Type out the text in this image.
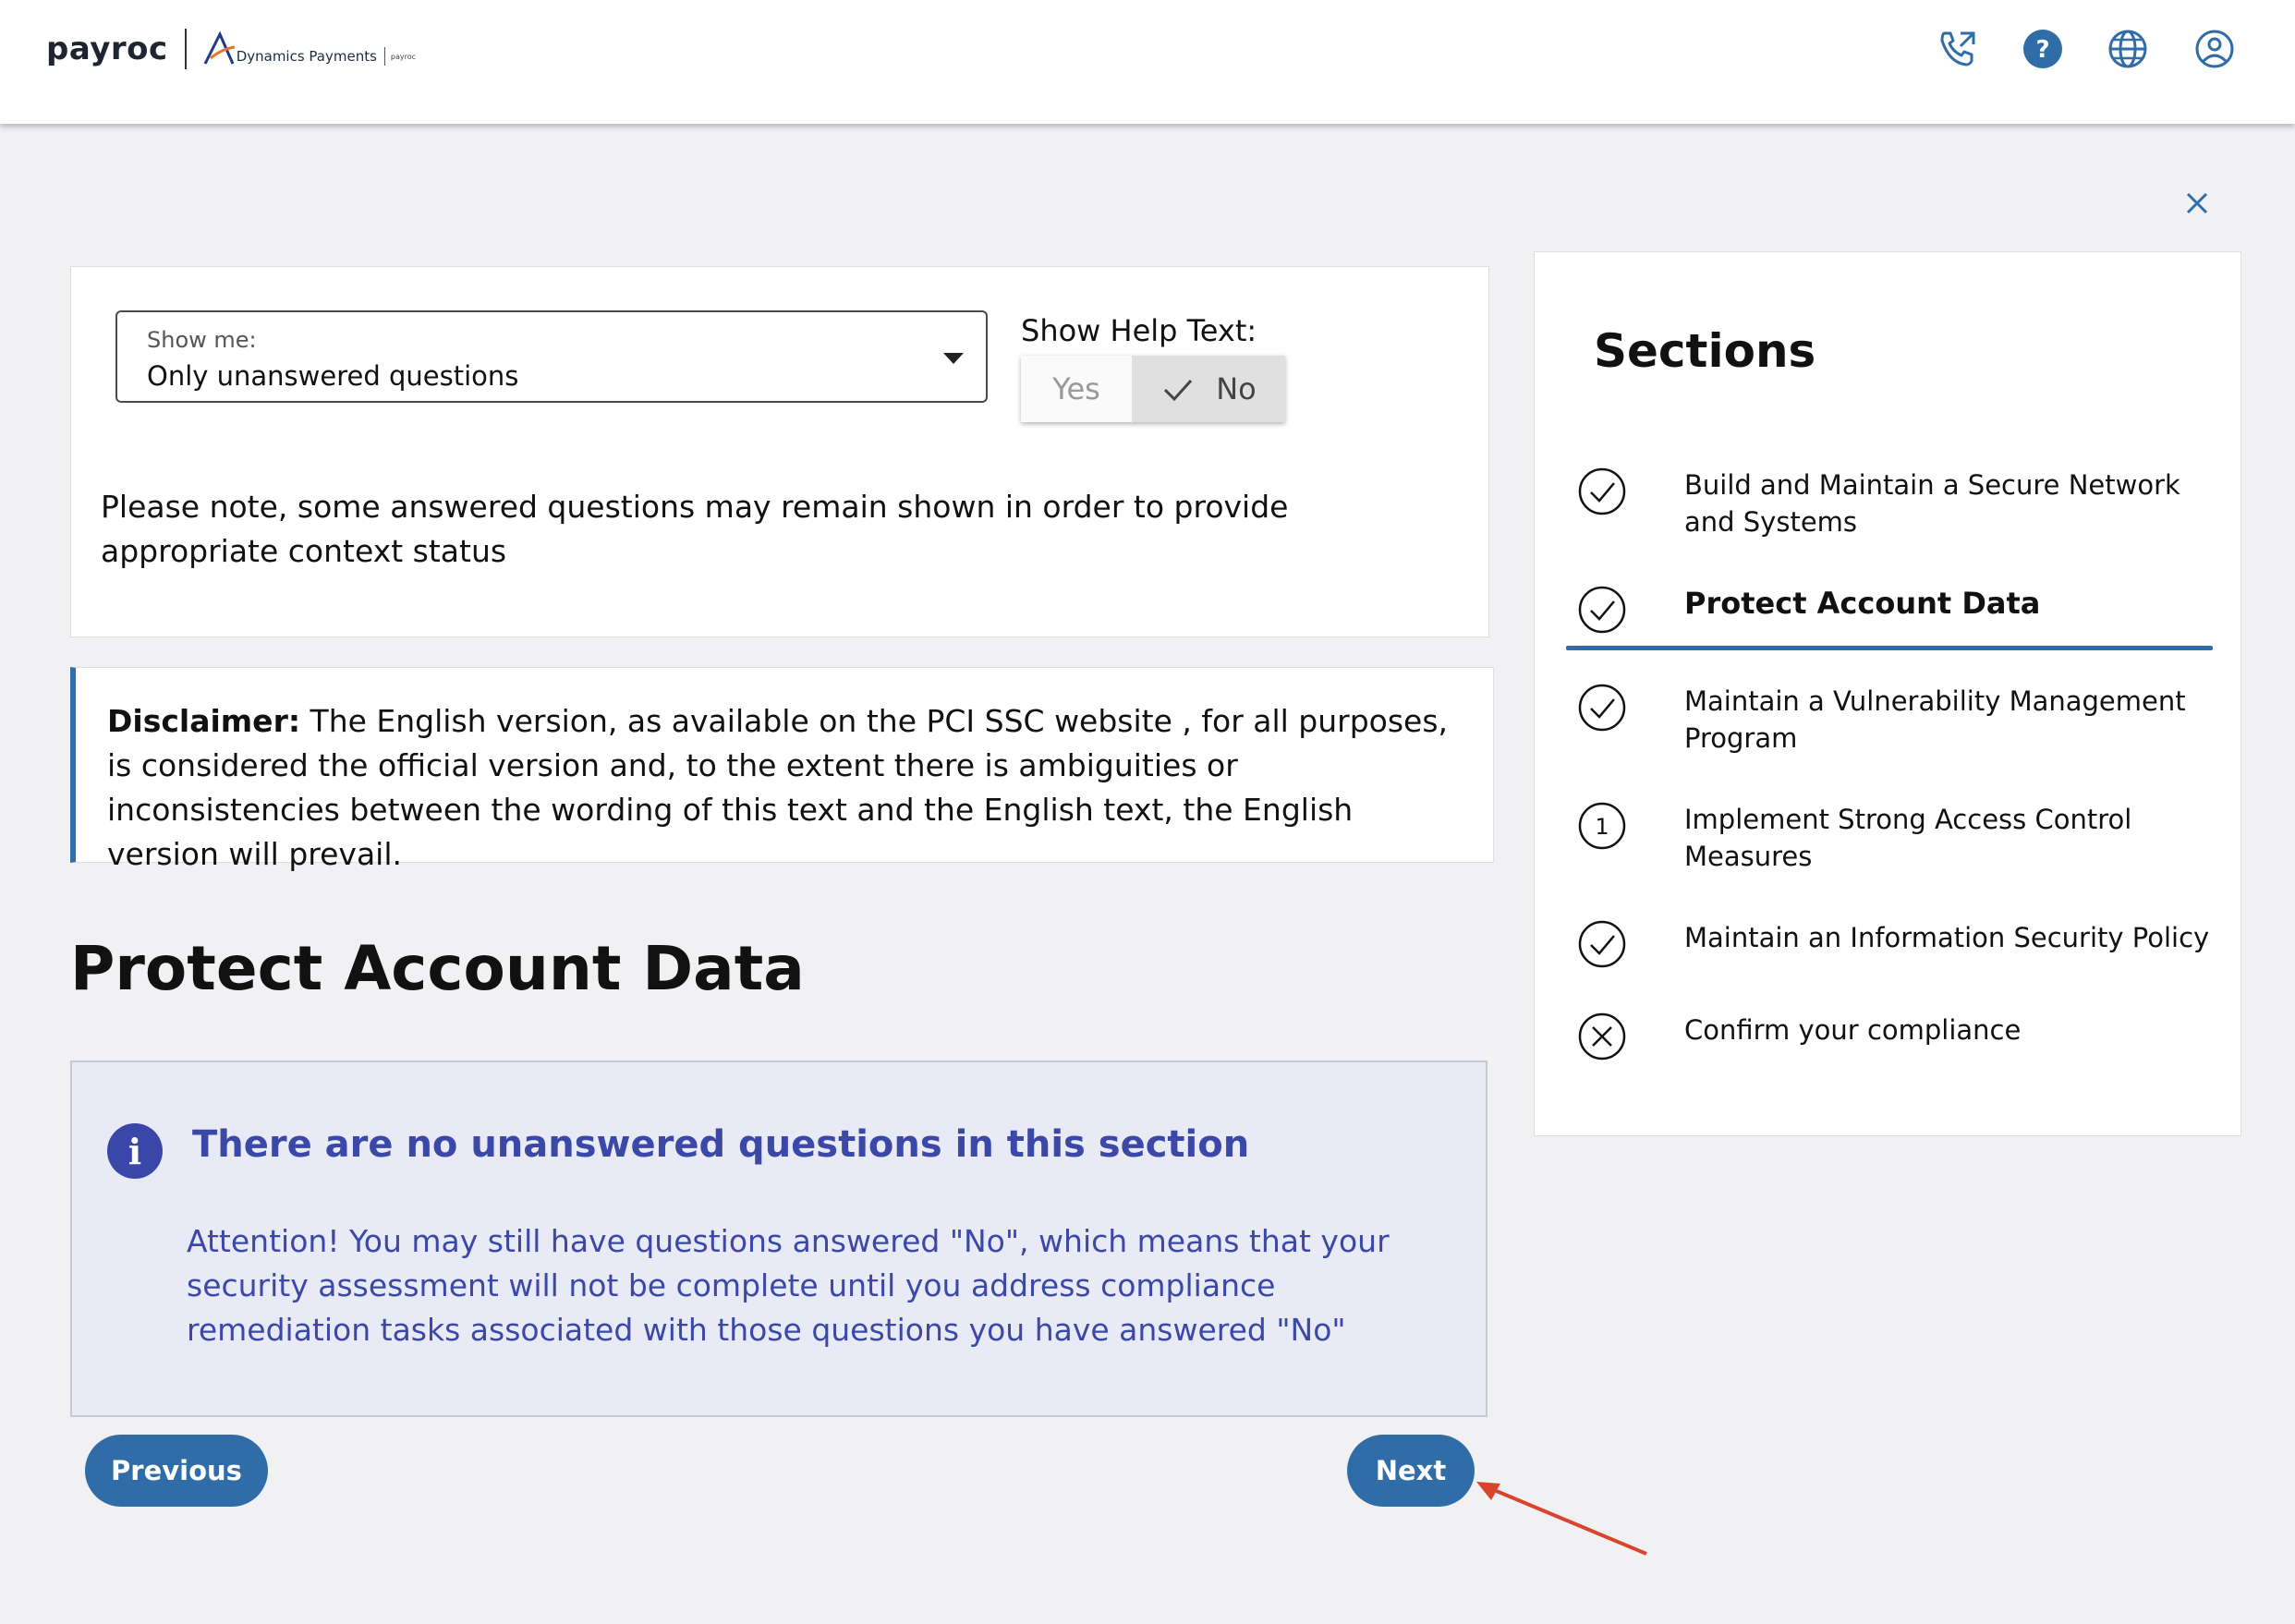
payroc	Dynamics Payments payroc	?
Show me:
Only unanswered questions
Show Help Text:
Yes	No
Please note, some answered questions may remain shown in order to provide appropriate context status
Disclaimer: The English version, as available on the PCI SSC website , for all purposes, is considered the official version and, to the extent there is ambiguities or inconsistencies between the wording of this text and the English text, the English version will prevail.
Protect Account Data
i	There are no unanswered questions in this section
Attention! You may still have questions answered "No", which means that your security assessment will not be complete until you address compliance remediation tasks associated with those questions you have answered "No"
Previous	Next
Sections
Build and Maintain a Secure Network and Systems
Protect Account Data
Maintain a Vulnerability Management Program
1	Implement Strong Access Control Measures
Maintain an Information Security Policy
Confirm your compliance
